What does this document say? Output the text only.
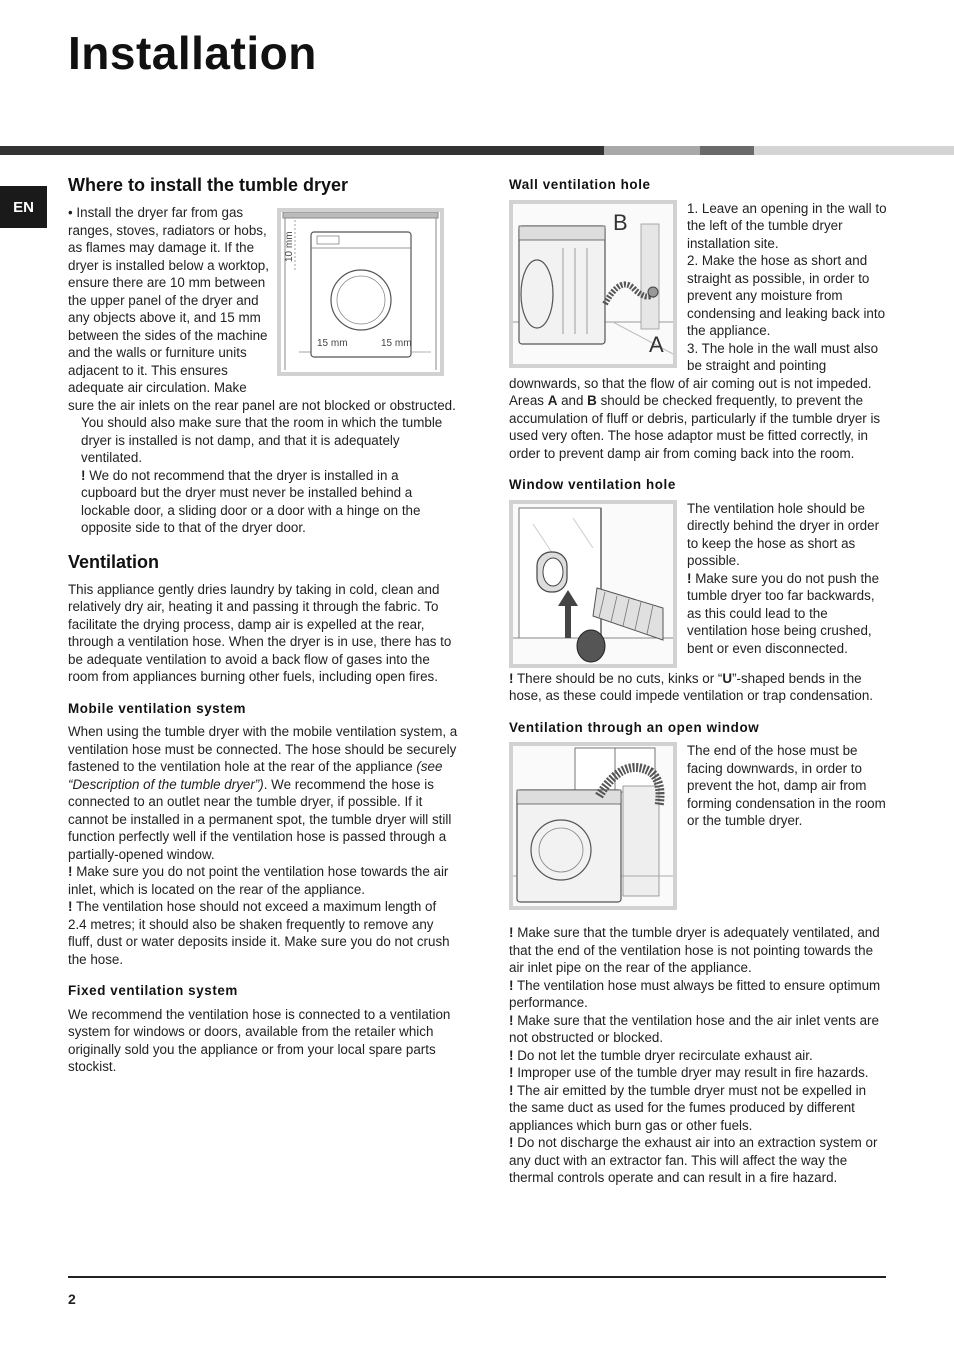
Installation
EN
Where to install the tumble dryer
10 mm
15 mm	15 mm

• Install the dryer far from gas ranges, stoves, radiators or hobs, as flames may damage it. If the dryer is installed below a worktop, ensure there are 10 mm between the upper panel of the dryer and any objects above it, and 15 mm between the sides of the machine and the walls or furniture units adjacent to it. This ensures adequate air circulation. Make sure the air inlets on the rear panel are not blocked or obstructed.

You should also make sure that the room in which the tumble dryer is installed is not damp, and that it is adequately ventilated.

! We do not recommend that the dryer is installed in a cupboard but the dryer must never be installed behind a lockable door, a sliding door or a door with a hinge on the opposite side to that of the dryer door.

Ventilation

This appliance gently dries laundry by taking in cold, clean and relatively dry air, heating it and passing it through the fabric. To facilitate the drying process, damp air is expelled at the rear, through a ventilation hose. When the dryer is in use, there has to be adequate ventilation to avoid a back flow of gases into the room from appliances burning other fuels, including open fires.

Mobile ventilation system

When using the tumble dryer with the mobile ventilation system, a ventilation hose must be connected. The hose should be securely fastened to the ventilation hole at the rear of the appliance (see “Description of the tumble dryer”). We recommend the hose is connected to an outlet near the tumble dryer, if possible. If it cannot be installed in a permanent spot, the tumble dryer will still function perfectly well if the ventilation hose is passed through a partially-opened window.

! Make sure you do not point the ventilation hose towards the air inlet, which is located on the rear of the appliance.

! The ventilation hose should not exceed a maximum length of 2.4 metres; it should also be shaken frequently to remove any fluff, dust or water deposits inside it. Make sure you do not crush the hose.

Fixed ventilation system

We recommend the ventilation hose is connected to a ventilation system for windows or doors, available from the retailer which originally sold you the appliance or from your local spare parts stockist.

Wall ventilation hole
B
A

1. Leave an opening in the wall to the left of the tumble dryer installation site.

2. Make the hose as short and straight as possible, in order to prevent any moisture from condensing and leaking back into the appliance.

3. The hole in the wall must also be straight and pointing downwards, so that the flow of air coming out is not impeded.

Areas A and B should be checked frequently, to prevent the accumulation of fluff or debris, particularly if the tumble dryer is used very often. The hose adaptor must be fitted correctly, in order to prevent damp air from coming back into the room.

Window ventilation hole

The ventilation hole should be directly behind the dryer in order to keep the hose as short as possible.

! Make sure you do not push the tumble dryer too far backwards, as this could lead to the ventilation hose being crushed, bent or even disconnected.

! There should be no cuts, kinks or “U”-shaped bends in the hose, as these could impede ventilation or trap condensation.

Ventilation through an open window

The end of the hose must be facing downwards, in order to prevent the hot, damp air from forming condensation in the room or the tumble dryer.

! Make sure that the tumble dryer is adequately ventilated, and that the end of the ventilation hose is not pointing towards the air inlet pipe on the rear of the appliance.

! The ventilation hose must always be fitted to ensure optimum performance.

! Make sure that the ventilation hose and the air inlet vents are not obstructed or blocked.

! Do not let the tumble dryer recirculate exhaust air.

! Improper use of the tumble dryer may result in fire hazards.

! The air emitted by the tumble dryer must not be expelled in the same duct as used for the fumes produced by different appliances which burn gas or other fuels.

! Do not discharge the exhaust air into an extraction system or any duct with an extractor fan. This will affect the way the thermal controls operate and can result in a fire hazard.

2
